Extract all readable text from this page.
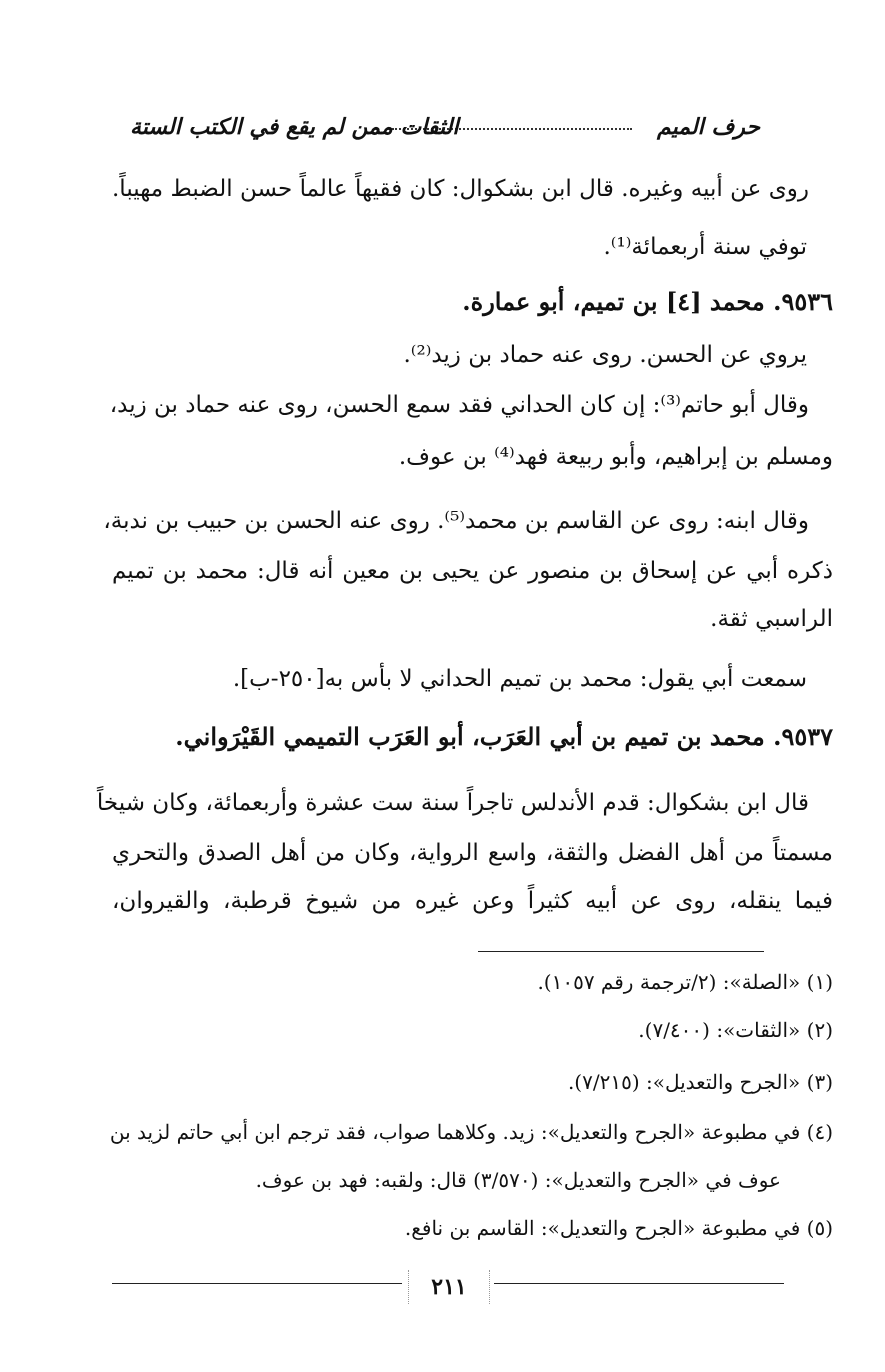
حرف الميم
الثقات ممن لم يقع في الكتب الستة
روى عن أبيه وغيره. قال ابن بشكوال: كان فقيهاً عالماً حسن الضبط مهيباً.
توفي سنة أربعمائة⁽¹⁾.
٩٥٣٦. محمد [٤] بن تميم، أبو عمارة.
يروي عن الحسن. روى عنه حماد بن زيد⁽²⁾.
وقال أبو حاتم⁽³⁾: إن كان الحداني فقد سمع الحسن، روى عنه حماد بن زيد،
ومسلم بن إبراهيم، وأبو ربيعة فهد⁽⁴⁾ بن عوف.
وقال ابنه: روى عن القاسم بن محمد⁽⁵⁾. روى عنه الحسن بن حبيب بن ندبة،
ذكره أبي عن إسحاق بن منصور عن يحيى بن معين أنه قال: محمد بن تميم
الراسبي ثقة.
سمعت أبي يقول: محمد بن تميم الحداني لا بأس به[٢٥٠-ب].
٩٥٣٧. محمد بن تميم بن أبي العَرَب، أبو العَرَب التميمي القَيْرَواني.
قال ابن بشكوال: قدم الأندلس تاجراً سنة ست عشرة وأربعمائة، وكان شيخاً
مسمتاً من أهل الفضل والثقة، واسع الرواية، وكان من أهل الصدق والتحري
فيما ينقله، روى عن أبيه كثيراً وعن غيره من شيوخ قرطبة، والقيروان،
(١) «الصلة»: (٢/ترجمة رقم ١٠٥٧).
(٢) «الثقات»: (٧/٤٠٠).
(٣) «الجرح والتعديل»: (٧/٢١٥).
(٤) في مطبوعة «الجرح والتعديل»: زيد. وكلاهما صواب، فقد ترجم ابن أبي حاتم لزيد بن
عوف في «الجرح والتعديل»: (٣/٥٧٠) قال: ولقبه: فهد بن عوف.
(٥) في مطبوعة «الجرح والتعديل»: القاسم بن نافع.
٢١١
